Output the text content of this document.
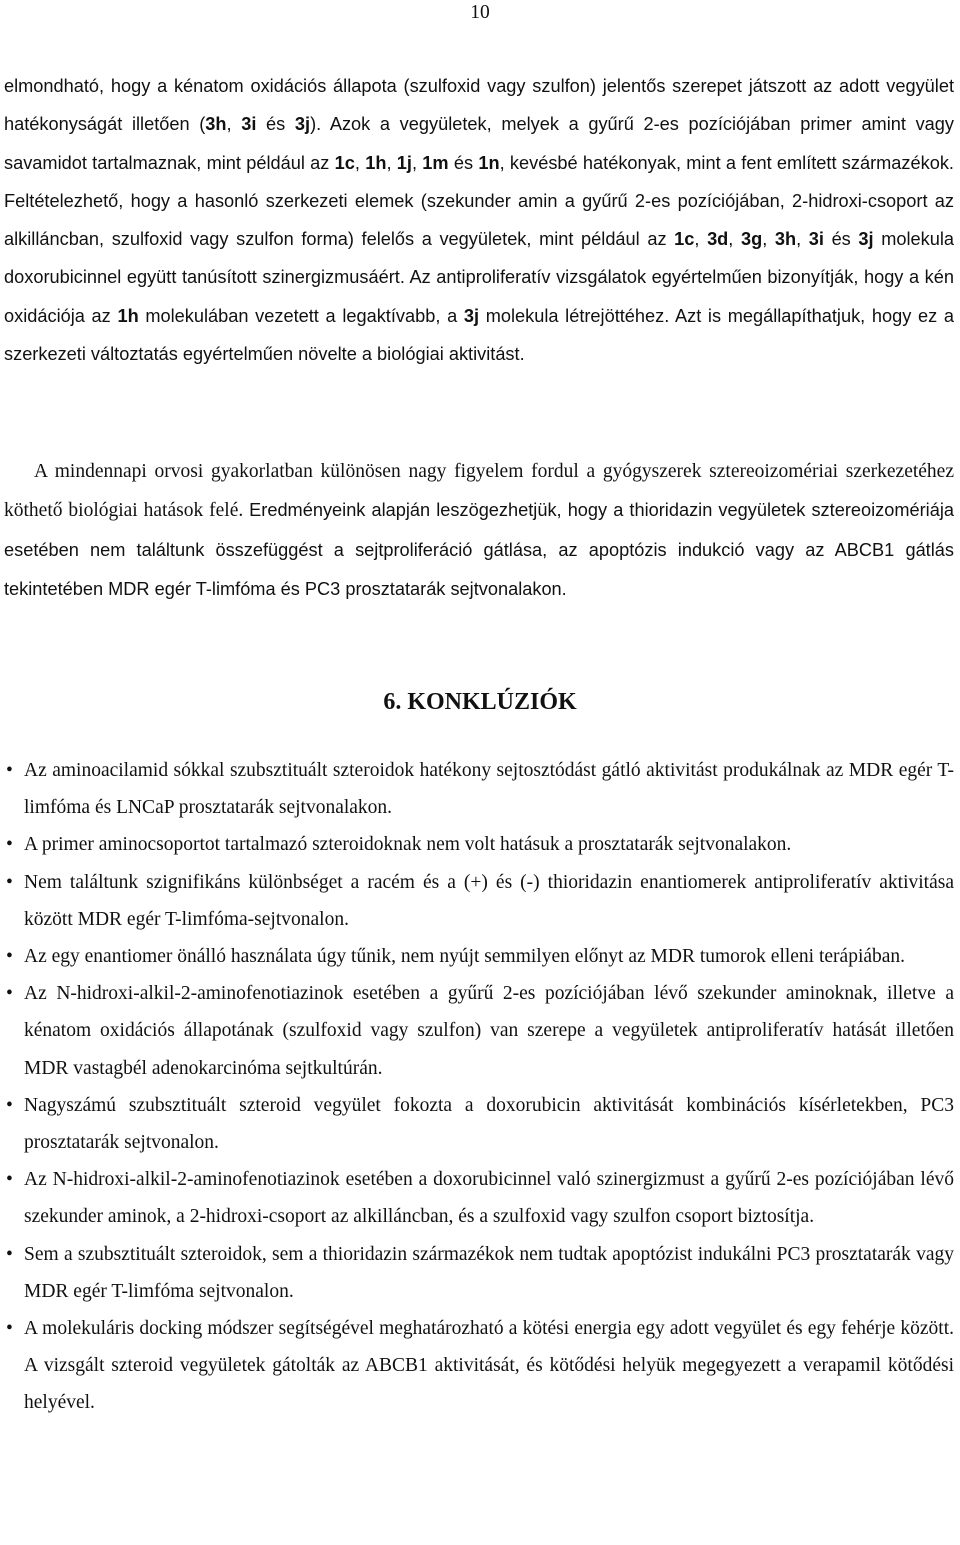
10

elmondható, hogy a kénatom oxidációs állapota (szulfoxid vagy szulfon) jelentős szerepet játszott az adott vegyület hatékonyságát illetően (3h, 3i és 3j). Azok a vegyületek, melyek a gyűrű 2-es pozíciójában primer amint vagy savamidot tartalmaznak, mint például az 1c, 1h, 1j, 1m és 1n, kevésbé hatékonyak, mint a fent említett származékok. Feltételezhető, hogy a hasonló szerkezeti elemek (szekunder amin a gyűrű 2-es pozíciójában, 2-hidroxi-csoport az alkilláncban, szulfoxid vagy szulfon forma) felelős a vegyületek, mint például az 1c, 3d, 3g, 3h, 3i és 3j molekula doxorubicinnel együtt tanúsított szinergizmusáért. Az antiproliferatív vizsgálatok egyértelműen bizonyítják, hogy a kén oxidációja az 1h molekulában vezetett a legaktívabb, a 3j molekula létrejöttéhez. Azt is megállapíthatjuk, hogy ez a szerkezeti változtatás egyértelműen növelte a biológiai aktivitást.

A mindennapi orvosi gyakorlatban különösen nagy figyelem fordul a gyógyszerek sztereoizomériai szerkezetéhez köthető biológiai hatások felé. Eredményeink alapján leszögezhetjük, hogy a thioridazin vegyületek sztereoizomériája esetében nem találtunk összefüggést a sejtproliferáció gátlása, az apoptózis indukció vagy az ABCB1 gátlás tekintetében MDR egér T-limfóma és PC3 prosztatarák sejtvonalakon.

6. KONKLÚZIÓK
• Az aminoacilamid sókkal szubsztituált szteroidok hatékony sejtosztódást gátló aktivitást produkálnak az MDR egér T-limfóma és LNCaP prosztatarák sejtvonalakon.
• A primer aminocsoportot tartalmazó szteroidoknak nem volt hatásuk a prosztatarák sejtvonalakon.
• Nem találtunk szignifikáns különbséget a racém és a (+) és (-) thioridazin enantiomerek antiproliferatív aktivitása között MDR egér T-limfóma-sejtvonalon.
• Az egy enantiomer önálló használata úgy tűnik, nem nyújt semmilyen előnyt az MDR tumorok elleni terápiában.
• Az N-hidroxi-alkil-2-aminofenotiazinok esetében a gyűrű 2-es pozíciójában lévő szekunder aminoknak, illetve a kénatom oxidációs állapotának (szulfoxid vagy szulfon) van szerepe a vegyületek antiproliferatív hatását illetően MDR vastagbél adenokarcinóma sejtkultúrán.
• Nagyszámú szubsztituált szteroid vegyület fokozta a doxorubicin aktivitását kombinációs kísérletekben, PC3 prosztatarák sejtvonalon.
• Az N-hidroxi-alkil-2-aminofenotiazinok esetében a doxorubicinnel való szinergizmust a gyűrű 2-es pozíciójában lévő szekunder aminok, a 2-hidroxi-csoport az alkilláncban, és a szulfoxid vagy szulfon csoport biztosítja.
• Sem a szubsztituált szteroidok, sem a thioridazin származékok nem tudtak apoptózist indukálni PC3 prosztatarák vagy MDR egér T-limfóma sejtvonalon.
• A molekuláris docking módszer segítségével meghatározható a kötési energia egy adott vegyület és egy fehérje között. A vizsgált szteroid vegyületek gátolták az ABCB1 aktivitását, és kötődési helyük megegyezett a verapamil kötődési helyével.
